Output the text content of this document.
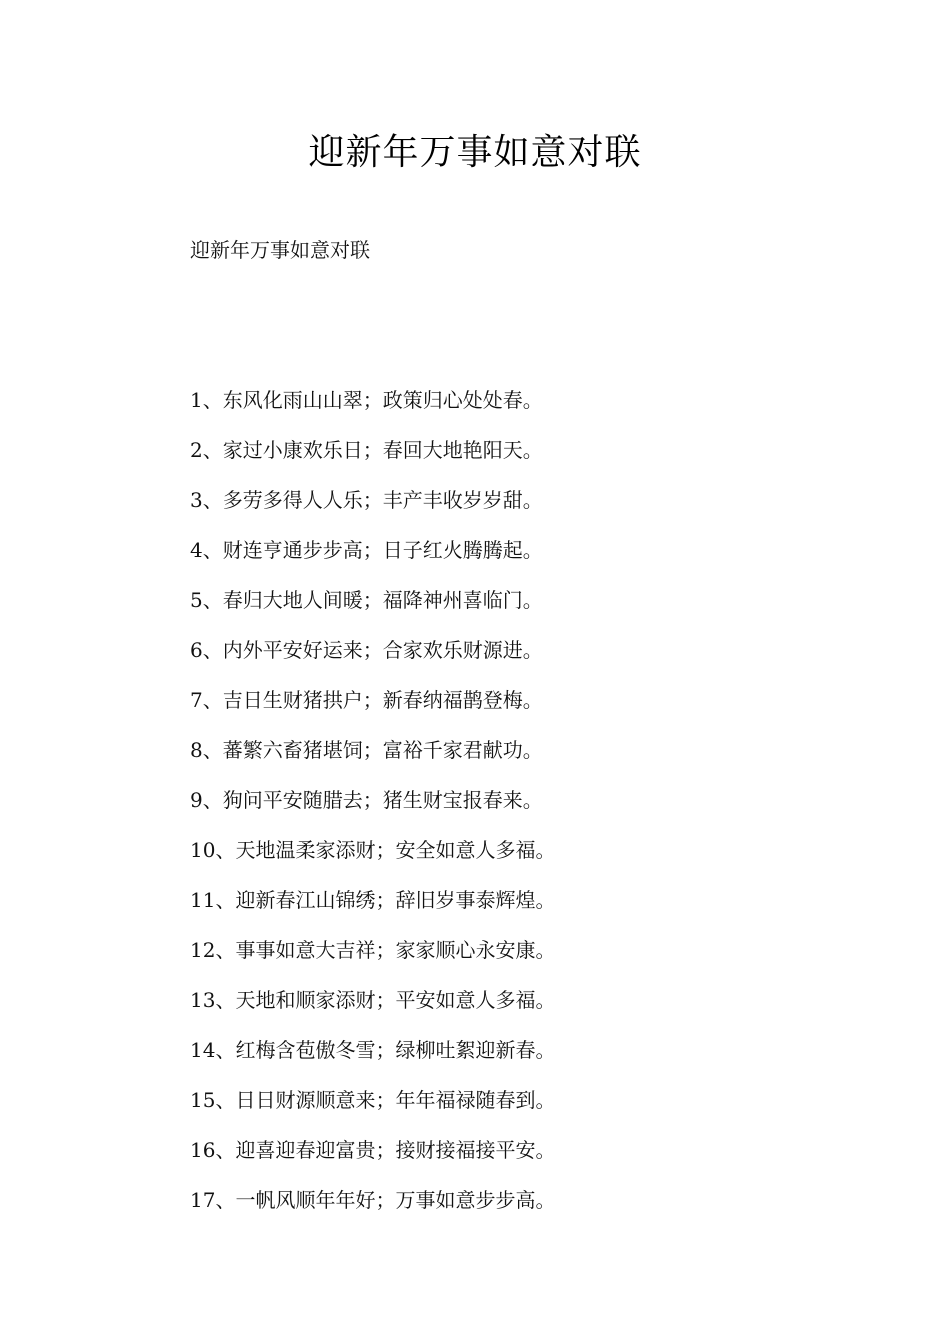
迎新年万事如意对联
迎新年万事如意对联
1、东风化雨山山翠；政策归心处处春。
2、家过小康欢乐日；春回大地艳阳天。
3、多劳多得人人乐；丰产丰收岁岁甜。
4、财连亨通步步高；日子红火腾腾起。
5、春归大地人间暖；福降神州喜临门。
6、内外平安好运来；合家欢乐财源进。
7、吉日生财猪拱户；新春纳福鹊登梅。
8、蕃繁六畜猪堪饲；富裕千家君献功。
9、狗问平安随腊去；猪生财宝报春来。
10、天地温柔家添财；安全如意人多福。
11、迎新春江山锦绣；辞旧岁事泰辉煌。
12、事事如意大吉祥；家家顺心永安康。
13、天地和顺家添财；平安如意人多福。
14、红梅含苞傲冬雪；绿柳吐絮迎新春。
15、日日财源顺意来；年年福禄随春到。
16、迎喜迎春迎富贵；接财接福接平安。
17、一帆风顺年年好；万事如意步步高。
